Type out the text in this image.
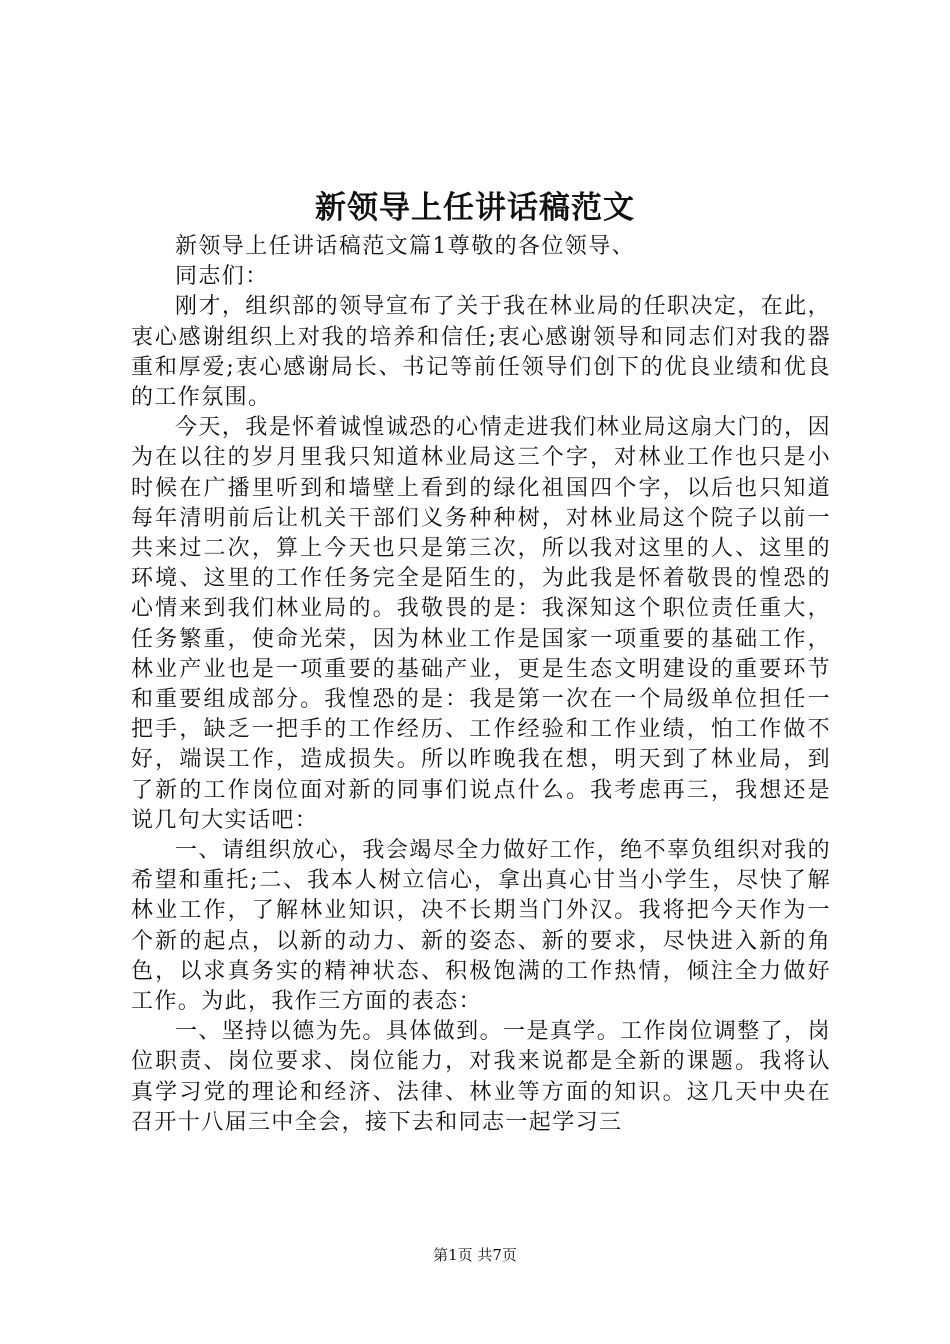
新领导上任讲话稿范文

新领导上任讲话稿范文篇1尊敬的各位领导、

同志们：

刚才，组织部的领导宣布了关于我在林业局的任职决定，在此，衷心感谢组织上对我的培养和信任;衷心感谢领导和同志们对我的器重和厚爱;衷心感谢局长、书记等前任领导们创下的优良业绩和优良的工作氛围。

今天，我是怀着诚惶诚恐的心情走进我们林业局这扇大门的，因为在以往的岁月里我只知道林业局这三个字，对林业工作也只是小时候在广播里听到和墙壁上看到的绿化祖国四个字，以后也只知道每年清明前后让机关干部们义务种种树，对林业局这个院子以前一共来过二次，算上今天也只是第三次，所以我对这里的人、这里的环境、这里的工作任务完全是陌生的，为此我是怀着敬畏的惶恐的心情来到我们林业局的。我敬畏的是：我深知这个职位责任重大，任务繁重，使命光荣，因为林业工作是国家一项重要的基础工作，林业产业也是一项重要的基础产业，更是生态文明建设的重要环节和重要组成部分。我惶恐的是：我是第一次在一个局级单位担任一把手，缺乏一把手的工作经历、工作经验和工作业绩，怕工作做不好，端误工作，造成损失。所以昨晚我在想，明天到了林业局，到了新的工作岗位面对新的同事们说点什么。我考虑再三，我想还是说几句大实话吧：

一、请组织放心，我会竭尽全力做好工作，绝不辜负组织对我的希望和重托;二、我本人树立信心，拿出真心甘当小学生，尽快了解林业工作，了解林业知识，决不长期当门外汉。我将把今天作为一个新的起点，以新的动力、新的姿态、新的要求，尽快进入新的角色，以求真务实的精神状态、积极饱满的工作热情，倾注全力做好工作。为此，我作三方面的表态：

一、坚持以德为先。具体做到。一是真学。工作岗位调整了，岗位职责、岗位要求、岗位能力，对我来说都是全新的课题。我将认真学习党的理论和经济、法律、林业等方面的知识。这几天中央在召开十八届三中全会，接下去和同志一起学习三

第1页 共7页
